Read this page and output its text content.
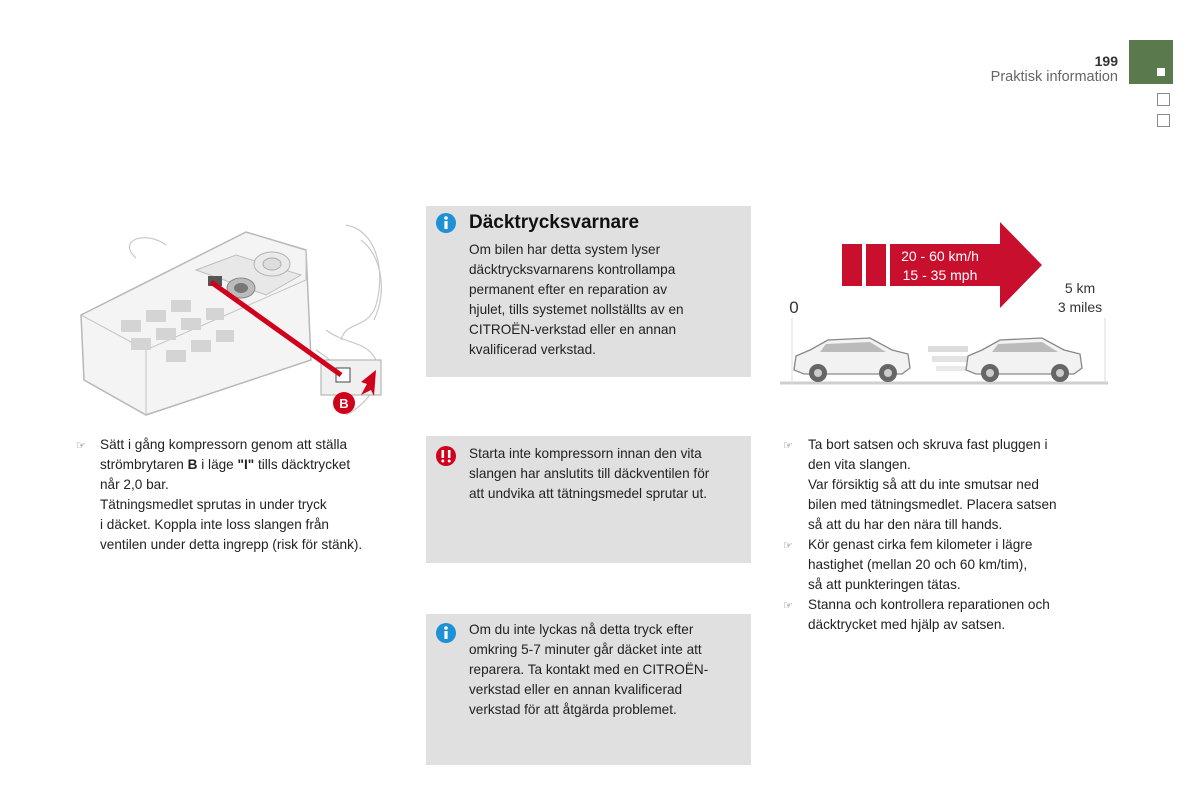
199
Praktisk information
B
Däcktrycksvarnare
Om bilen har detta system lyser
däcktrycksvarnarens kontrollampa
permanent efter en reparation av
hjulet, tills systemet nollställts av en
CITROËN-verkstad eller en annan
kvalificerad verkstad.
Starta inte kompressorn innan den vita
slangen har anslutits till däckventilen för
att undvika att tätningsmedel sprutar ut.
Om du inte lyckas nå detta tryck efter
omkring 5-7 minuter går däcket inte att
reparera. Ta kontakt med en CITROËN-
verkstad eller en annan kvalificerad
verkstad för att åtgärda problemet.
20 - 60 km/h
15 - 35 mph
0
5 km
3 miles
☞ Sätt i gång kompressorn genom att ställa
strömbrytaren B i läge "I" tills däcktrycket
når 2,0 bar.
Tätningsmedlet sprutas in under tryck
i däcket. Koppla inte loss slangen från
ventilen under detta ingrepp (risk för stänk).
☞ Ta bort satsen och skruva fast pluggen i
den vita slangen.
Var försiktig så att du inte smutsar ned
bilen med tätningsmedlet. Placera satsen
så att du har den nära till hands.
☞ Kör genast cirka fem kilometer i lägre
hastighet (mellan 20 och 60 km/tim),
så att punkteringen tätas.
☞ Stanna och kontrollera reparationen och
däcktrycket med hjälp av satsen.
